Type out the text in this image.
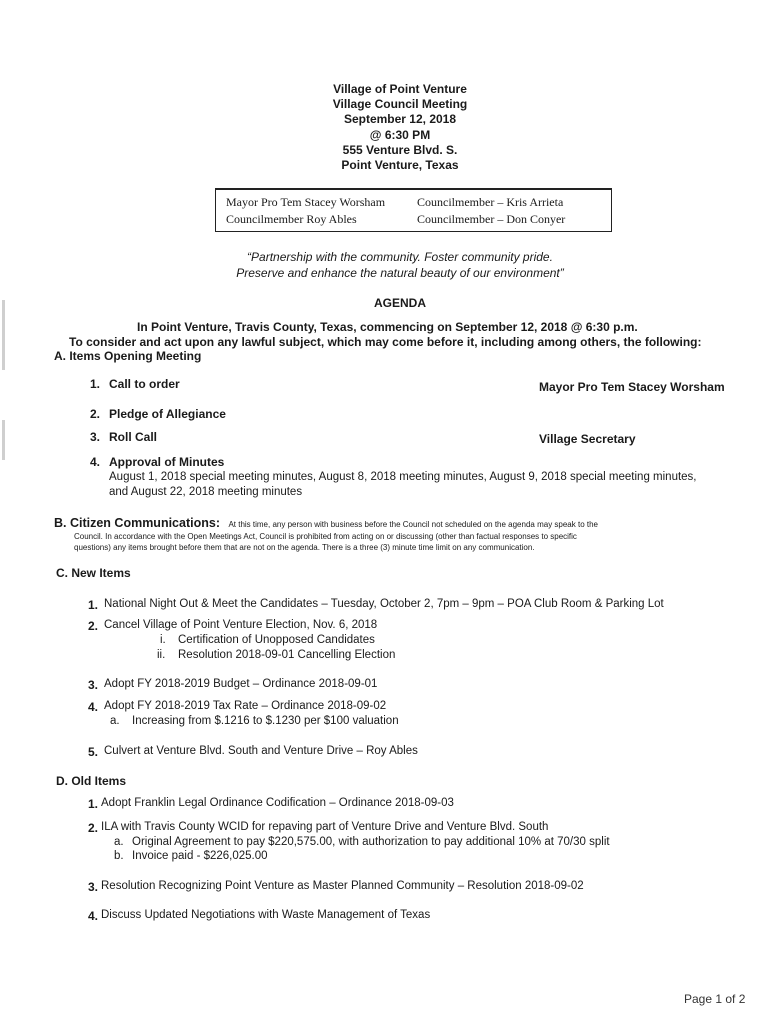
Village of Point Venture
Village Council Meeting
September 12, 2018
@ 6:30 PM
555 Venture Blvd. S.
Point Venture, Texas
Mayor Pro Tem Stacey Worsham	Councilmember – Kris Arrieta
Councilmember Roy Ables	Councilmember – Don Conyer
“Partnership with the community. Foster community pride.
Preserve and enhance the natural beauty of our environment”
AGENDA
In Point Venture, Travis County, Texas, commencing on September 12, 2018 @ 6:30 p.m.
To consider and act upon any lawful subject, which may come before it, including among others, the following:
A. Items Opening Meeting
1. Call to order	Mayor Pro Tem Stacey Worsham
2. Pledge of Allegiance
3. Roll Call	Village Secretary
4. Approval of Minutes
August 1, 2018 special meeting minutes, August 8, 2018 meeting minutes, August 9, 2018 special meeting minutes,
and August 22, 2018 meeting minutes
B. Citizen Communications: At this time, any person with business before the Council not scheduled on the agenda may speak to the
Council. In accordance with the Open Meetings Act, Council is prohibited from acting on or discussing (other than factual responses to specific
questions) any items brought before them that are not on the agenda. There is a three (3) minute time limit on any communication.
C. New Items
1. National Night Out & Meet the Candidates – Tuesday, October 2, 7pm – 9pm – POA Club Room & Parking Lot
2. Cancel Village of Point Venture Election, Nov. 6, 2018
i. Certification of Unopposed Candidates
ii. Resolution 2018-09-01 Cancelling Election
3. Adopt FY 2018-2019 Budget – Ordinance 2018-09-01
4. Adopt FY 2018-2019 Tax Rate – Ordinance 2018-09-02
a. Increasing from $.1216 to $.1230 per $100 valuation
5. Culvert at Venture Blvd. South and Venture Drive – Roy Ables
D. Old Items
1. Adopt Franklin Legal Ordinance Codification – Ordinance 2018-09-03
2. ILA with Travis County WCID for repaving part of Venture Drive and Venture Blvd. South
a. Original Agreement to pay $220,575.00, with authorization to pay additional 10% at 70/30 split
b. Invoice paid - $226,025.00
3. Resolution Recognizing Point Venture as Master Planned Community – Resolution 2018-09-02
4. Discuss Updated Negotiations with Waste Management of Texas
Page 1 of 2
